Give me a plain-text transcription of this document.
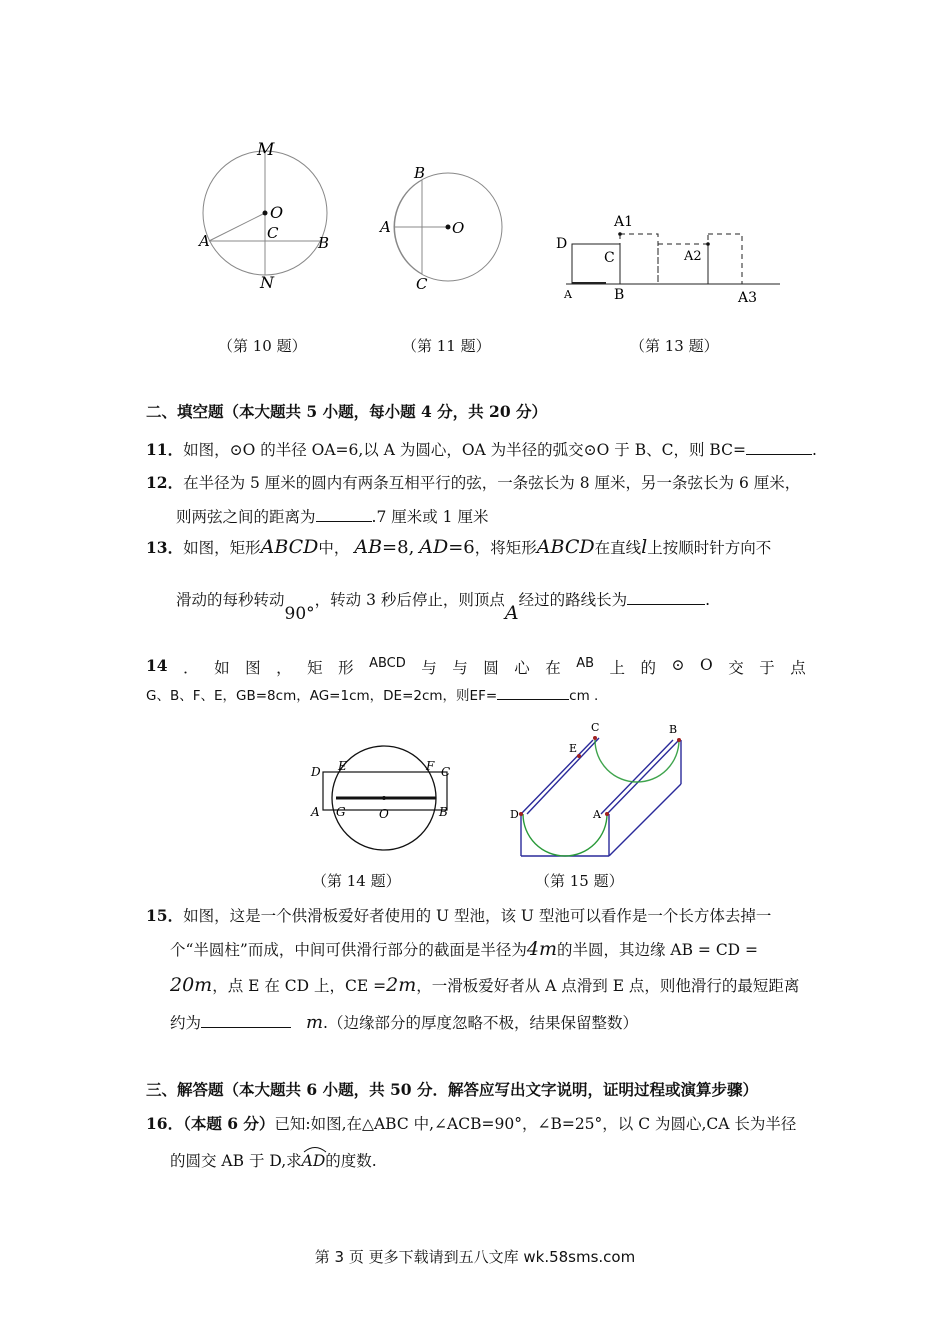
M
O
A	C
B
N
（第 10 题）
B
A	O
C
（第 11 题）
A1
D
C	A2
A	B	A3
（第 13 题）
二、填空题（本大题共 5 小题，每小题 4 分，共 20 分）
11．如图，⊙O 的半径 OA=6,以 A 为圆心，OA 为半径的弧交⊙O 于 B、C，则 BC=	.
12．在半径为 5 厘米的圆内有两条互相平行的弦，一条弦长为 8 厘米，另一条弦长为 6 厘米，
则两弦之间的距离为	.7 厘米或 1 厘米
13．如图，矩形ABCD中， AB=8, AD=6，将矩形ABCD在直线l上按顺时针方向不
滑动的每秒转动90°，转动 3 秒后停止，则顶点A经过的路线长为	.
14 ． 如 图 ， 矩 形 ABCD 与 与 圆 心 在 AB 上 的 ⊙ O 交 于 点
G、B、F、E，GB=8cm，AG=1cm，DE=2cm，则EF=	cm .
D E	F C
A G	O	B
（第 14 题）
C	B
E
D	A
（第 15 题）
15．如图，这是一个供滑板爱好者使用的 U 型池，该 U 型池可以看作是一个长方体去掉一
个“半圆柱”而成，中间可供滑行部分的截面是半径为4m的半圆，其边缘 AB = CD =
20m，点 E 在 CD 上，CE =2m，一滑板爱好者从 A 点滑到 E 点，则他滑行的最短距离
约为	m.（边缘部分的厚度忽略不极，结果保留整数）
三、解答题（本大题共 6 小题，共 50 分．解答应写出文字说明，证明过程或演算步骤）
16．（本题 6 分）已知:如图,在△ABC 中,∠ACB=90°，∠B=25°，以 C 为圆心,CA 长为半径
的圆交 AB 于 D,求
AD的度数.
第 3 页 更多下载请到五八文库 wk.58sms.com
